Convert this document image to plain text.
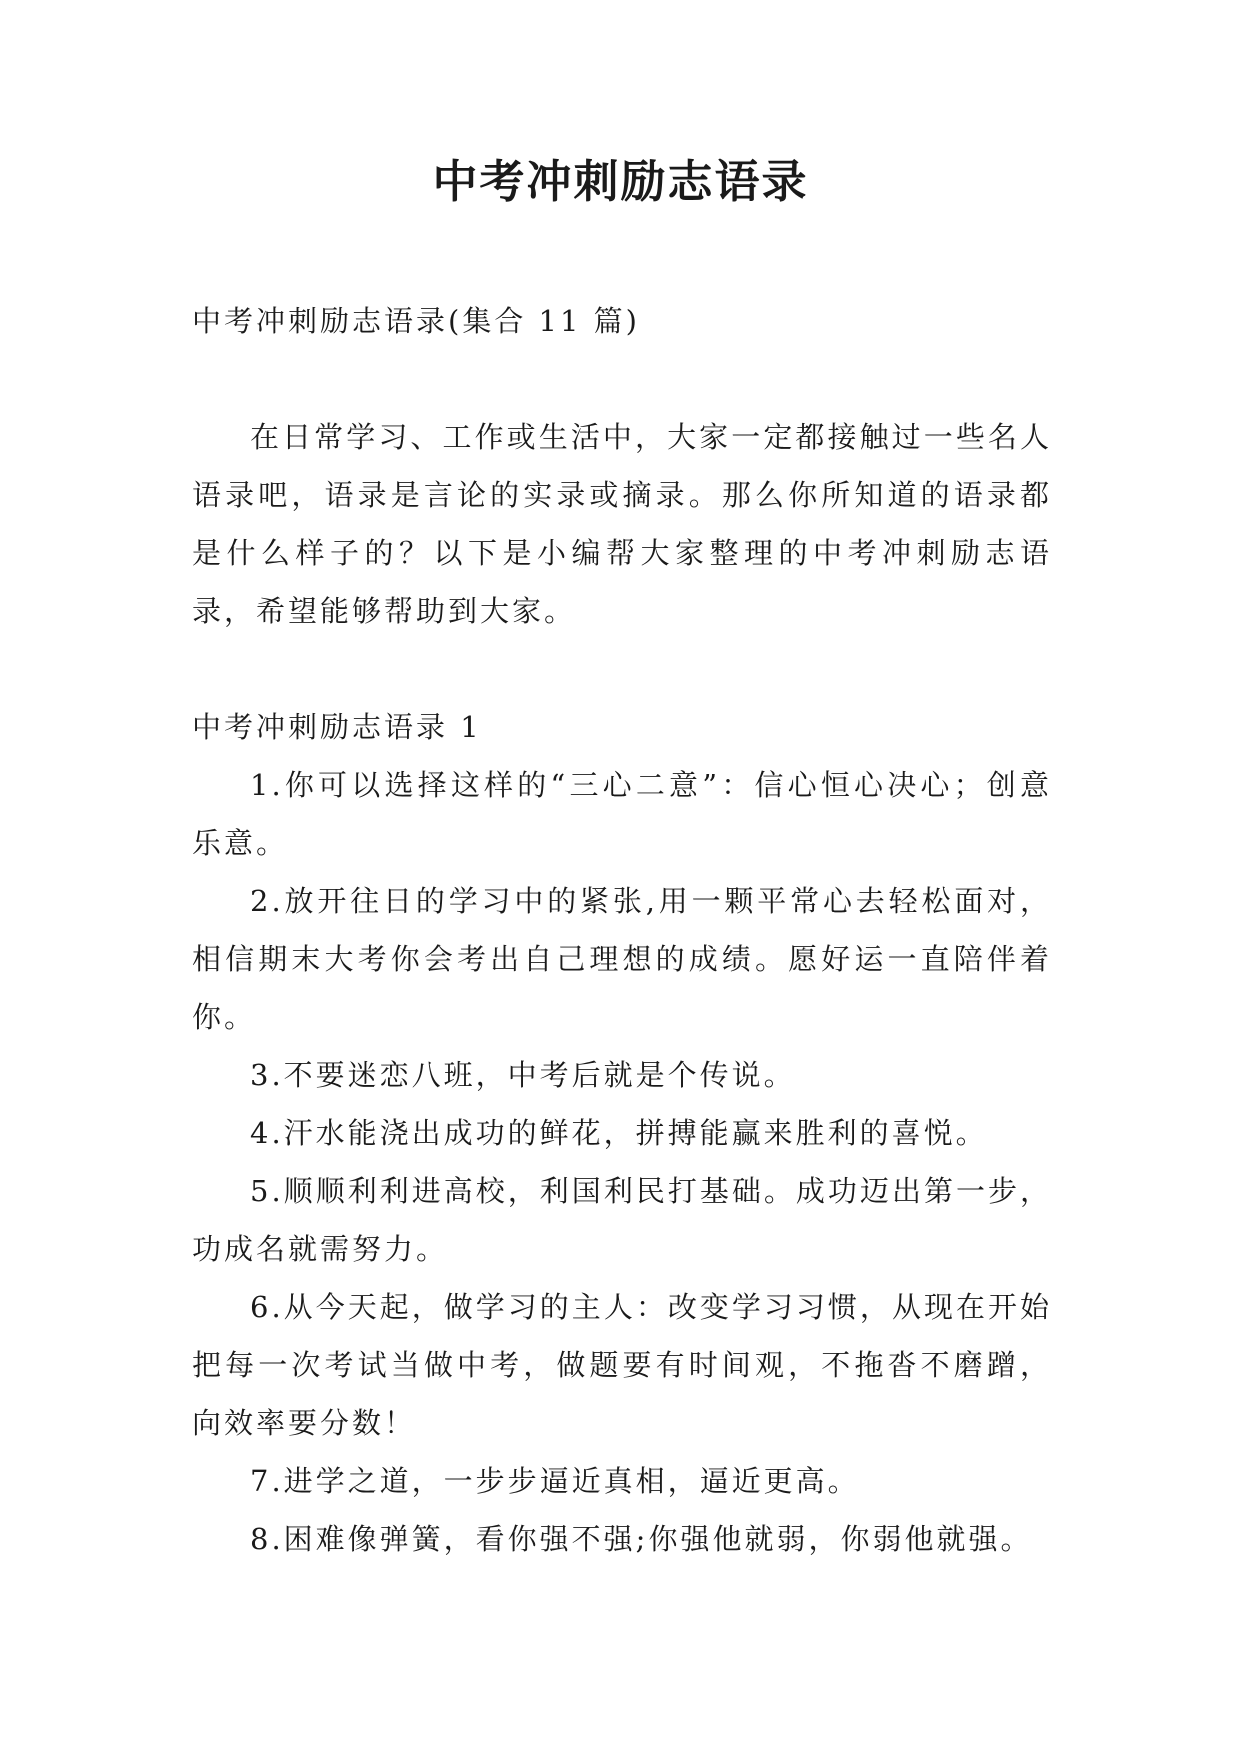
中考冲刺励志语录

中考冲刺励志语录(集合 11 篇)

在日常学习、工作或生活中，大家一定都接触过一些名人语录吧，语录是言论的实录或摘录。那么你所知道的语录都是什么样子的？以下是小编帮大家整理的中考冲刺励志语录，希望能够帮助到大家。

中考冲刺励志语录 1

1.你可以选择这样的“三心二意”：信心恒心决心；创意乐意。

2.放开往日的学习中的紧张,用一颗平常心去轻松面对，相信期末大考你会考出自己理想的成绩。愿好运一直陪伴着你。

3.不要迷恋八班，中考后就是个传说。

4.汗水能浇出成功的鲜花，拼搏能赢来胜利的喜悦。

5.顺顺利利进高校，利国利民打基础。成功迈出第一步，功成名就需努力。

6.从今天起，做学习的主人：改变学习习惯，从现在开始把每一次考试当做中考，做题要有时间观，不拖沓不磨蹭，向效率要分数！

7.进学之道，一步步逼近真相，逼近更高。

8.困难像弹簧，看你强不强;你强他就弱，你弱他就强。
